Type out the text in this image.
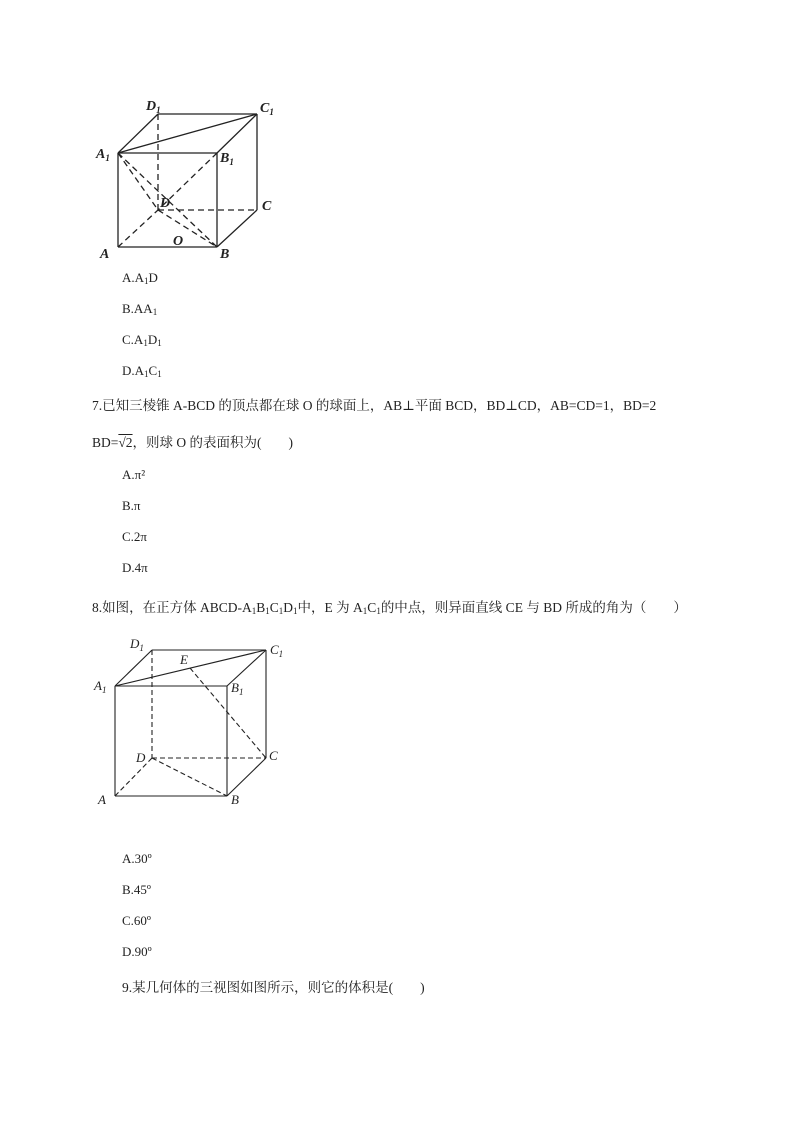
$D_1$	$C_1$
$A_1$	$B_1$
D	C
O
A	B
$A.A_1D$
$B.AA_1$
$C.A_1D_1$
$D.A_1C_1$
7.已知三棱锥 A-BCD 的顶点都在球 O 的球面上，AB⊥平面 BCD，BD⊥CD，AB=CD=1，BD=2
BD=√2，则球 O 的表面积为(　　)
A.π²
B.π
C.2π
D.4π
8.如图，在正方体 ABCD-$A_1B_1C_1D_1$中，E 为 $A_1C_1$的中点，则异面直线 CE 与 BD 所成的角为（　　）
$D_1$	$C_1$
E
$A_1$	$B_1$
D	C
A	B
A.30º
B.45º
C.60º
D.90º
9.某几何体的三视图如图所示，则它的体积是(　　)
